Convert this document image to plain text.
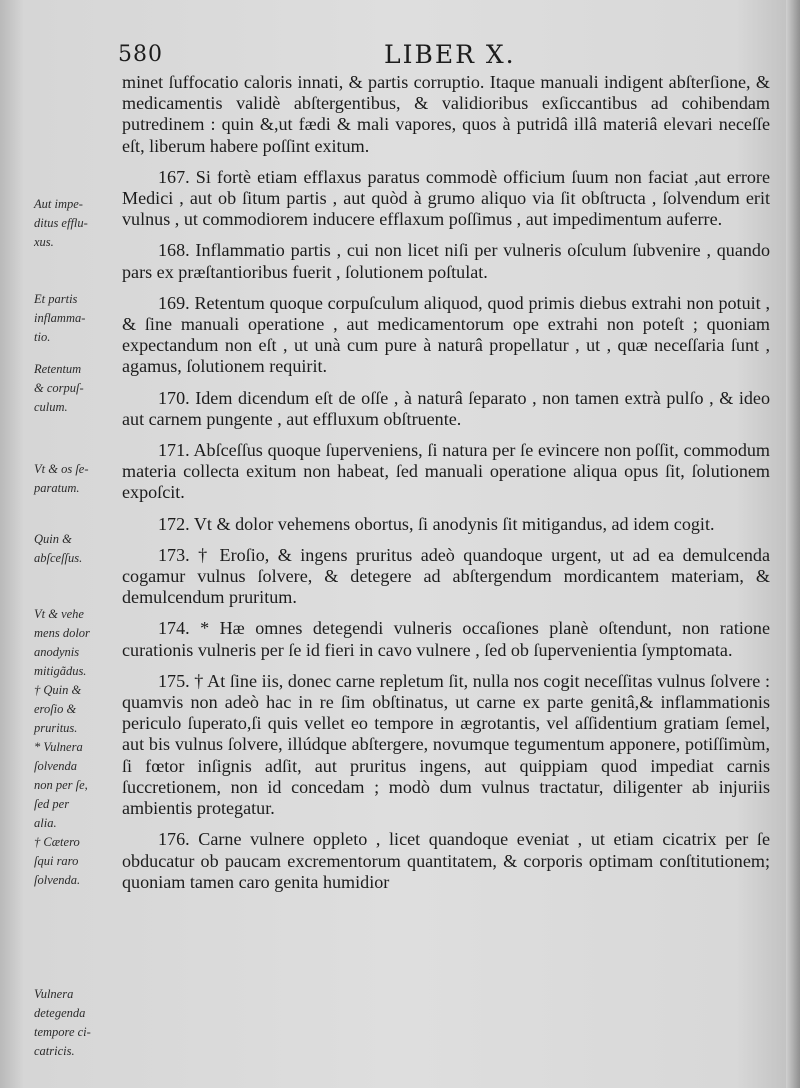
580	LIBER X.

minet ſuffocatio caloris innati, & partis corruptio. Itaque manuali indigent abſterſione, & medicamentis validè abſtergentibus, & validioribus exſiccantibus ad cohibendam putredinem : quin &,ut fædi & mali vapores, quos à putridâ illâ materiâ elevari neceſſe eſt, liberum habere poſſint exitum.

167. Si fortè etiam efflaxus paratus commodè officium ſuum non faciat ,aut errore Medici , aut ob ſitum partis , aut quòd à grumo aliquo via ſit obſtructa , ſolvendum erit vulnus , ut commodiorem inducere efflaxum poſſimus , aut impedimentum auferre.

168. Inflammatio partis , cui non licet niſi per vulneris oſculum ſubvenire , quando pars ex præſtantioribus fuerit , ſolutionem poſtulat.

169. Retentum quoque corpuſculum aliquod, quod primis diebus extrahi non potuit , & ſine manuali operatione , aut medicamentorum ope extrahi non poteſt ; quoniam expectandum non eſt , ut unà cum pure à naturâ propellatur , ut , quæ neceſſaria ſunt , agamus, ſolutionem requirit.

170. Idem dicendum eſt de oſſe , à naturâ ſeparato , non tamen extrà pulſo , & ideo aut carnem pungente , aut effluxum obſtruente.

171. Abſceſſus quoque ſuperveniens, ſi natura per ſe evincere non poſſit, commodum materia collecta exitum non habeat, ſed manuali operatione aliqua opus ſit, ſolutionem expoſcit.

172. Vt & dolor vehemens obortus, ſi anodynis ſit mitigandus, ad idem cogit.

173. † Eroſio, & ingens pruritus adeò quandoque urgent, ut ad ea demulcenda cogamur vulnus ſolvere, & detegere ad abſtergendum mordicantem materiam, & demulcendum pruritum.

174. * Hæ omnes detegendi vulneris occaſiones planè oſtendunt, non ratione curationis vulneris per ſe id fieri in cavo vulnere , ſed ob ſupervenientia ſymptomata.

175. † At ſine iis, donec carne repletum ſit, nulla nos cogit neceſſitas vulnus ſolvere : quamvis non adeò hac in re ſim obſtinatus, ut carne ex parte genitâ,& inflammationis periculo ſuperato,ſi quis vellet eo tempore in ægrotantis, vel aſſidentium gratiam ſemel, aut bis vulnus ſolvere, illúdque abſtergere, novumque tegumentum apponere, potiſſimùm, ſi fœtor inſignis adſit, aut pruritus ingens, aut quippiam quod impediat carnis ſuccretionem, non id concedam ; modò dum vulnus tractatur, diligenter ab injuriis ambientis protegatur.

176. Carne vulnere oppleto , licet quandoque eveniat , ut etiam cicatrix per ſe obducatur ob paucam excrementorum quantitatem, & corporis optimam conſtitutionem; quoniam tamen caro genita humidior

Aut impe-
ditus efflu-
xus.
Et partis
inflamma-
tio.
Retentum
& corpuſ-
culum.
Vt & os ſe-
paratum.
Quin &
abſceſſus.
Vt & vehe
mens dolor
anodynis
mitigãdus.
† Quin &
eroſio &
pruritus.
* Vulnera
ſolvenda
non per ſe,
ſed per
alia.
† Cætero
ſqui raro
ſolvenda.
Vulnera
detegenda
tempore ci-
catricis.
